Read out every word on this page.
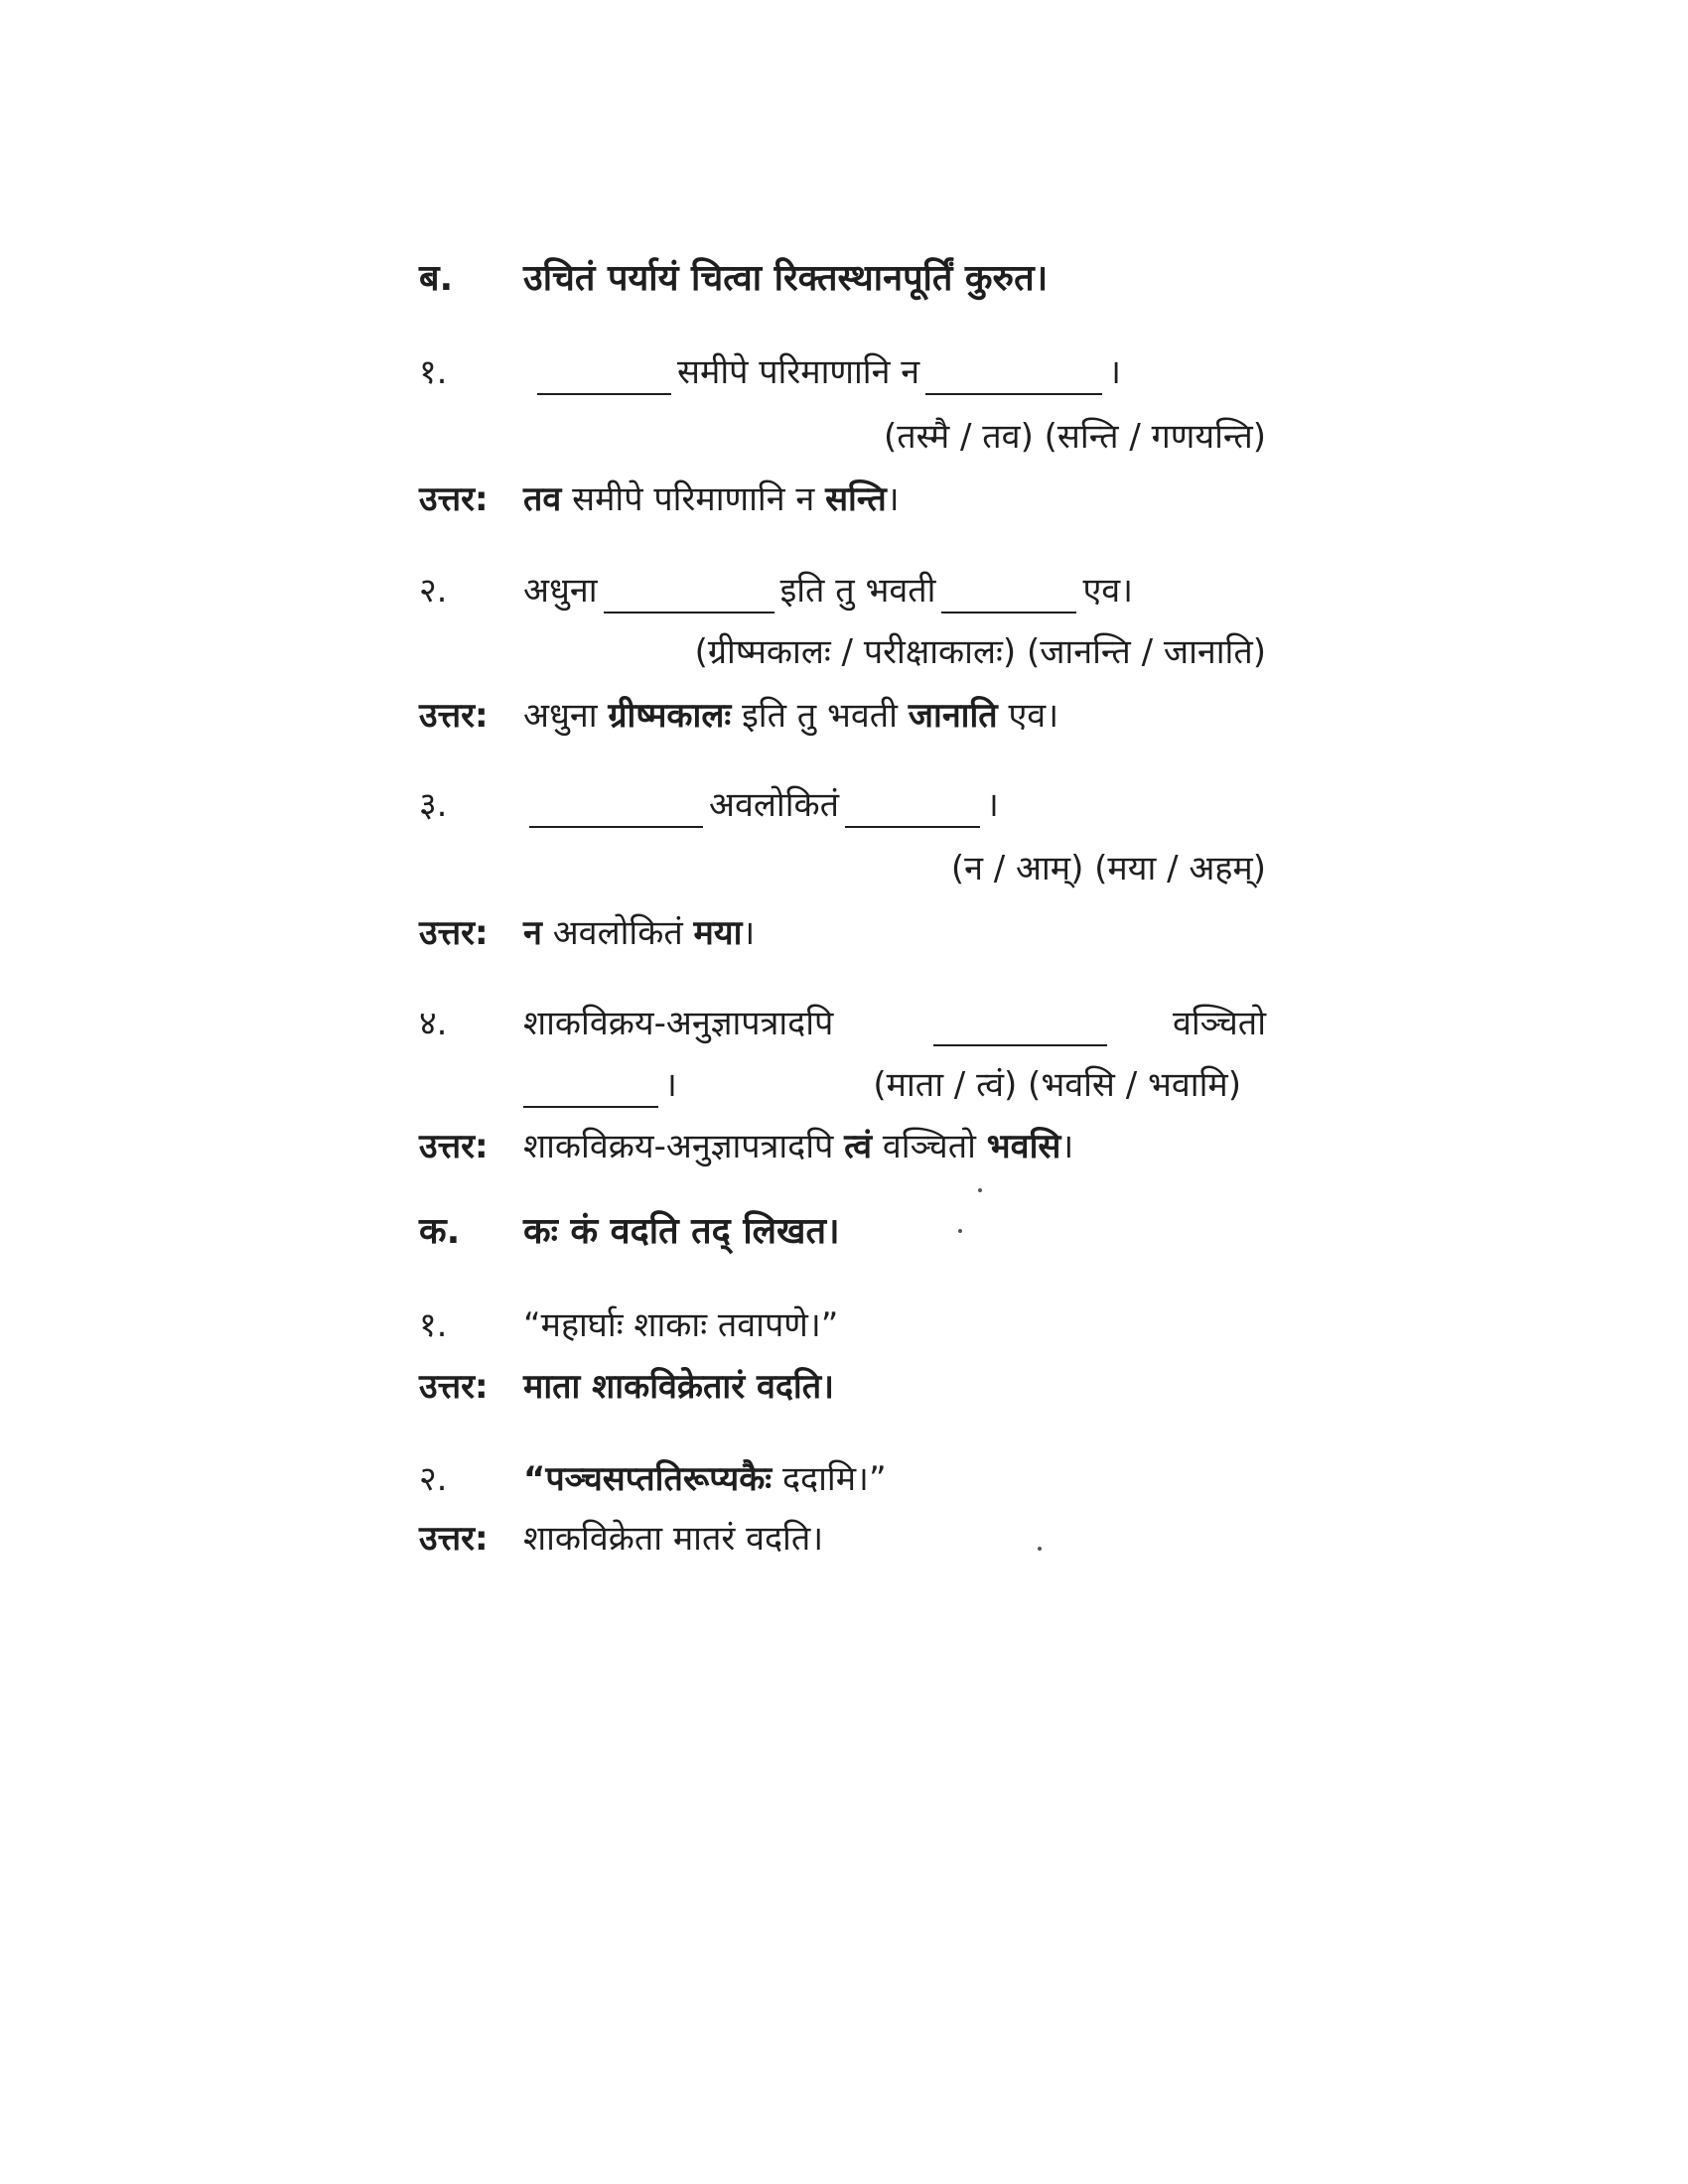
ब. उचितं पर्यायं चित्वा रिक्तस्थानपूर्तिं कुरुत।
१.	समीपे परिमाणानि न	।
(तस्मै / तव) (सन्ति / गणयन्ति)
उत्तर: तव समीपे परिमाणानि न सन्ति।
२. अधुना	इति तु भवती	एव।
(ग्रीष्मकालः / परीक्षाकालः) (जानन्ति / जानाति)
उत्तर: अधुना ग्रीष्मकालः इति तु भवती जानाति एव।
३.	अवलोकितं	।
(न / आम्) (मया / अहम्)
उत्तर: न अवलोकितं मया।
४. शाकविक्रय-अनुज्ञापत्रादपि	वञ्चितो
।	(माता / त्वं) (भवसि / भवामि)
उत्तर: शाकविक्रय-अनुज्ञापत्रादपि त्वं वञ्चितो भवसि।
क. कः कं वदति तद् लिखत।
१. “महार्घाः शाकाः तवापणे।”
उत्तर: माता शाकविक्रेतारं वदति।
२. “पञ्चसप्ततिरूप्यकैः ददामि।”
उत्तर: शाकविक्रेता मातरं वदति।
